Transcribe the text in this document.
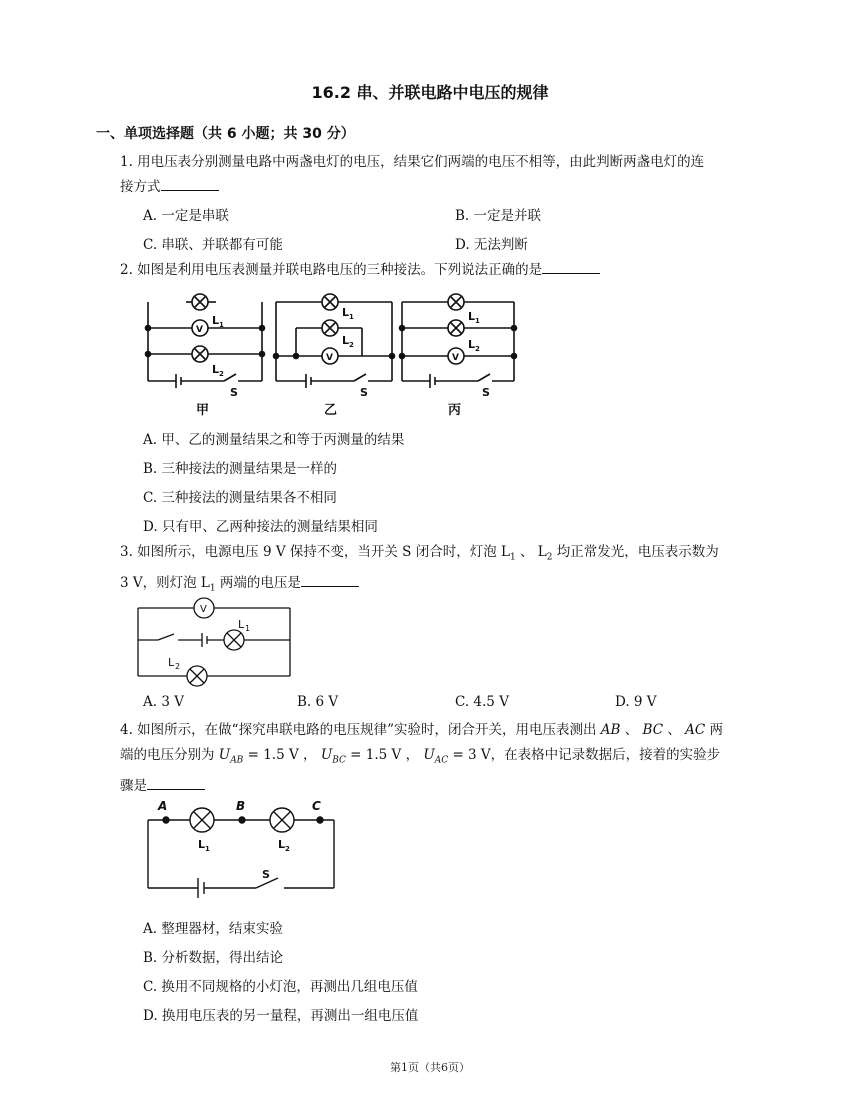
16.2 串、并联电路中电压的规律
一、单项选择题（共 6 小题；共 30 分）
1. 用电压表分别测量电路中两盏电灯的电压，结果它们两端的电压不相等，由此判断两盏电灯的连
接方式
A. 一定是串联	B. 一定是并联
C. 串联、并联都有可能	D. 无法判断
2. 如图是利用电压表测量并联电路电压的三种接法。下列说法正确的是
V
L 1
L 2
S
甲
V
L 1
L 2
S
乙
V
L 1
L 2
S
丙
A. 甲、乙的测量结果之和等于丙测量的结果
B. 三种接法的测量结果是一样的
C. 三种接法的测量结果各不相同
D. 只有甲、乙两种接法的测量结果相同
3. 如图所示，电源电压 9 V 保持不变，当开关 S 闭合时，灯泡 $L_1$ 、 $L_2$ 均正常发光，电压表示数为
3 V，则灯泡 $L_1$ 两端的电压是
V
L 1
L 2
A. 3 V	B. 6 V	C. 4.5 V	D. 9 V
4. 如图所示，在做“探究串联电路的电压规律”实验时，闭合开关，用电压表测出 AB 、 BC 、 AC 两
端的电压分别为 $U_{AB} = 1.5$ V ， $U_{BC} = 1.5$ V ， $U_{AC} = 3$ V，在表格中记录数据后，接着的实验步
骤是
A	B	C
L 1	L 2
S
A. 整理器材，结束实验
B. 分析数据，得出结论
C. 换用不同规格的小灯泡，再测出几组电压值
D. 换用电压表的另一量程，再测出一组电压值
第1页（共6页）
